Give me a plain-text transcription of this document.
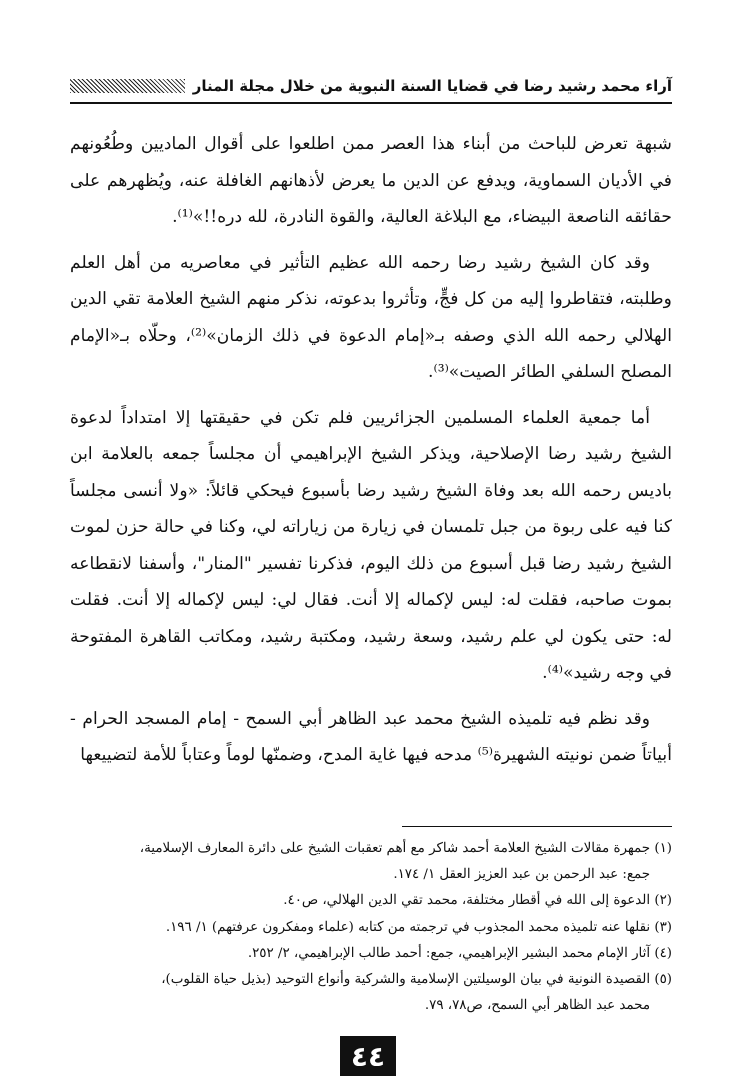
آراء محمد رشيد رضا في قضايا السنة النبوية من خلال مجلة المنار

شبهة تعرض للباحث من أبناء هذا العصر ممن اطلعوا على أقوال الماديين وطُعُونهم في الأديان السماوية، ويدفع عن الدين ما يعرض لأذهانهم الغافلة عنه، ويُظهرهم على حقائقه الناصعة البيضاء، مع البلاغة العالية، والقوة النادرة، لله دره!!»⁽¹⁾.

وقد كان الشيخ رشيد رضا رحمه الله عظيم التأثير في معاصريه من أهل العلم وطلبته، فتقاطروا إليه من كل فجٍّ، وتأثروا بدعوته، نذكر منهم الشيخ العلامة تقي الدين الهلالي رحمه الله الذي وصفه بـ«إمام الدعوة في ذلك الزمان»⁽²⁾، وحلّاه بـ«الإمام المصلح السلفي الطائر الصيت»⁽³⁾.

أما جمعية العلماء المسلمين الجزائريين فلم تكن في حقيقتها إلا امتداداً لدعوة الشيخ رشيد رضا الإصلاحية، ويذكر الشيخ الإبراهيمي أن مجلساً جمعه بالعلامة ابن باديس رحمه الله بعد وفاة الشيخ رشيد رضا بأسبوع فيحكي قائلاً: «ولا أنسى مجلساً كنا فيه على ربوة من جبل تلمسان في زيارة من زياراته لي، وكنا في حالة حزن لموت الشيخ رشيد رضا قبل أسبوع من ذلك اليوم، فذكرنا تفسير "المنار"، وأسفنا لانقطاعه بموت صاحبه، فقلت له: ليس لإكماله إلا أنت. فقال لي: ليس لإكماله إلا أنت. فقلت له: حتى يكون لي علم رشيد، وسعة رشيد، ومكتبة رشيد، ومكاتب القاهرة المفتوحة في وجه رشيد»⁽⁴⁾.

وقد نظم فيه تلميذه الشيخ محمد عبد الظاهر أبي السمح - إمام المسجد الحرام - أبياتاً ضمن نونيته الشهيرة⁽⁵⁾ مدحه فيها غاية المدح، وضمنّها لوماً وعتاباً للأمة لتضييعها

(١) جمهرة مقالات الشيخ العلامة أحمد شاكر مع أهم تعقبات الشيخ على دائرة المعارف الإسلامية،

جمع: عبد الرحمن بن عبد العزيز العقل ١/ ١٧٤.

(٢) الدعوة إلى الله في أقطار مختلفة، محمد تقي الدين الهلالي، ص٤٠.

(٣) نقلها عنه تلميذه محمد المجذوب في ترجمته من كتابه (علماء ومفكرون عرفتهم) ١/ ١٩٦.

(٤) آثار الإمام محمد البشير الإبراهيمي، جمع: أحمد طالب الإبراهيمي، ٢/ ٢٥٢.

(٥) القصيدة النونية في بيان الوسيلتين الإسلامية والشركية وأنواع التوحيد (بذيل حياة القلوب)،

محمد عبد الظاهر أبي السمح، ص٧٨، ٧٩.

٤٤
